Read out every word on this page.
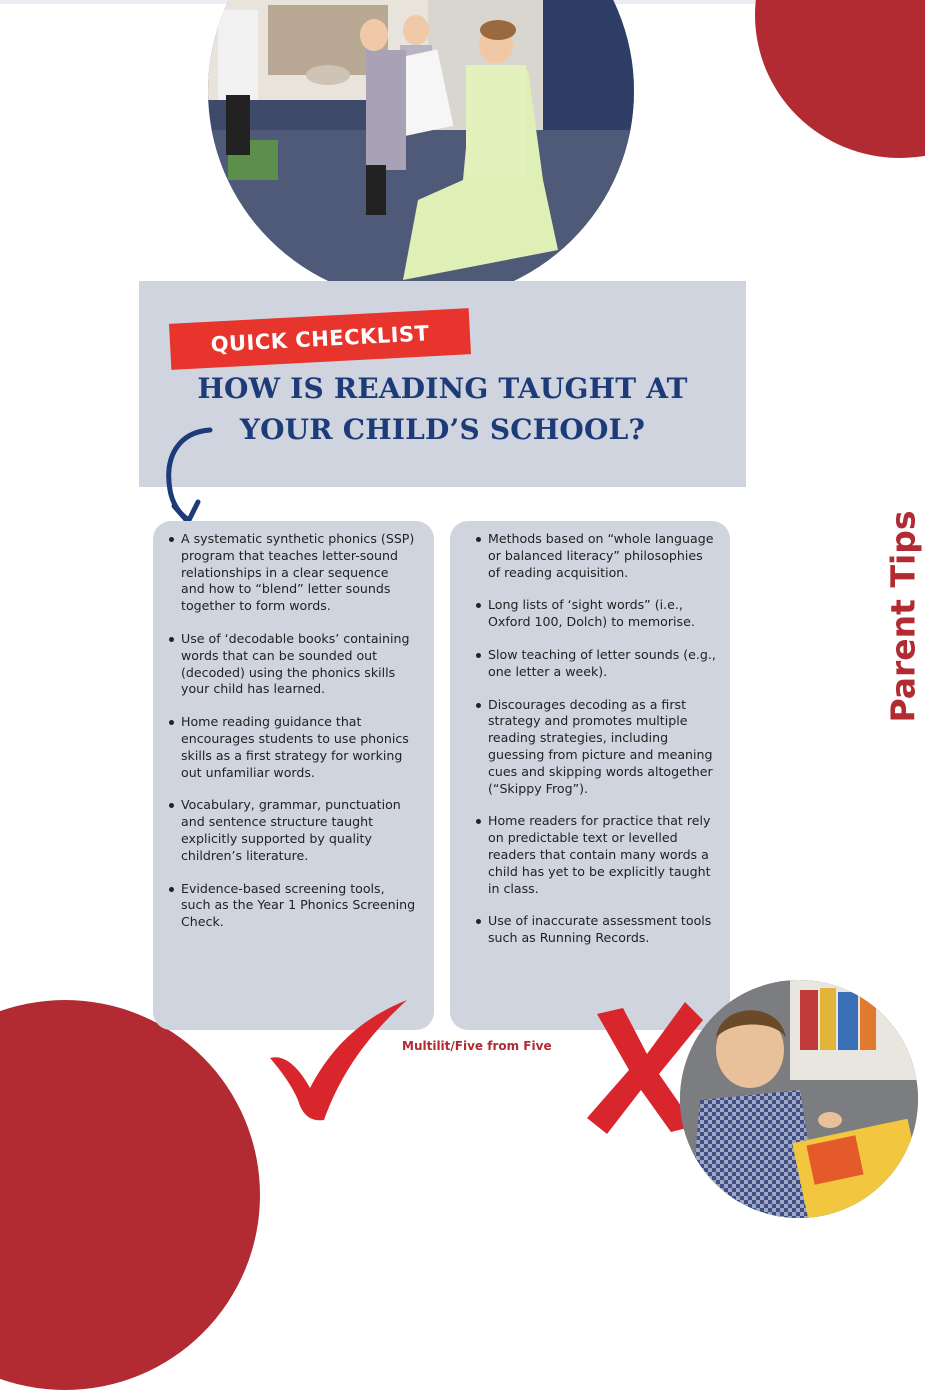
QUICK CHECKLIST
HOW IS READING TAUGHT AT
YOUR CHILD’S SCHOOL?
A systematic synthetic phonics (SSP) program that teaches letter-sound relationships in a clear sequence and how to “blend” letter sounds together to form words.
Use of ‘decodable books’ containing words that can be sounded out (decoded) using the phonics skills your child has learned.
Home reading guidance that encourages students to use phonics skills as a first strategy for working out unfamiliar words.
Vocabulary, grammar, punctuation and sentence structure taught explicitly supported by quality children’s literature.
Evidence-based screening tools, such as the Year 1 Phonics Screening Check.
Methods based on “whole language or balanced literacy” philosophies of reading acquisition.
Long lists of ‘sight words” (i.e., Oxford 100, Dolch) to memorise.
Slow teaching of letter sounds (e.g., one letter a week).
Discourages decoding as a first strategy and promotes multiple reading strategies, including guessing from picture and meaning cues and skipping words altogether (“Skippy Frog”).
Home readers for practice that rely on predictable text or levelled readers that contain many words a child has yet to be explicitly taught in class.
Use of inaccurate assessment tools such as Running Records.
Multilit/Five from Five
Parent Tips
